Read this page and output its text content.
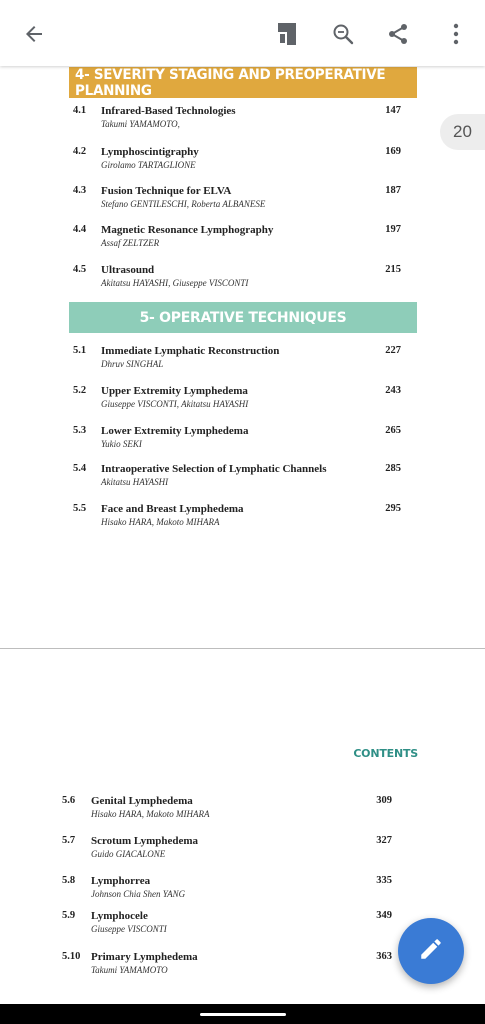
20
4- SEVERITY STAGING AND PREOPERATIVE PLANNING
4.1 Infrared-Based Technologies
Takumi YAMAMOTO,
147
4.2 Lymphoscintigraphy
Girolamo TARTAGLIONE
169
4.3 Fusion Technique for ELVA
Stefano GENTILESCHI, Roberta ALBANESE
187
4.4 Magnetic Resonance Lymphography
Assaf ZELTZER
197
4.5 Ultrasound
Akitatsu HAYASHI, Giuseppe VISCONTI
215
5- OPERATIVE TECHNIQUES
5.1 Immediate Lymphatic Reconstruction
Dhruv SINGHAL
227
5.2 Upper Extremity Lymphedema
Giuseppe VISCONTI, Akitatsu HAYASHI
243
5.3 Lower Extremity Lymphedema
Yukio SEKI
265
5.4 Intraoperative Selection of Lymphatic Channels
Akitatsu HAYASHI
285
5.5 Face and Breast Lymphedema
Hisako HARA, Makoto MIHARA
295
CONTENTS
5.6 Genital Lymphedema
Hisako HARA, Makoto MIHARA
309
5.7 Scrotum Lymphedema
Guido GIACALONE
327
5.8 Lymphorrea
Johnson Chia Shen YANG
335
5.9 Lymphocele
Giuseppe VISCONTI
349
5.10 Primary Lymphedema
Takumi YAMAMOTO
363
